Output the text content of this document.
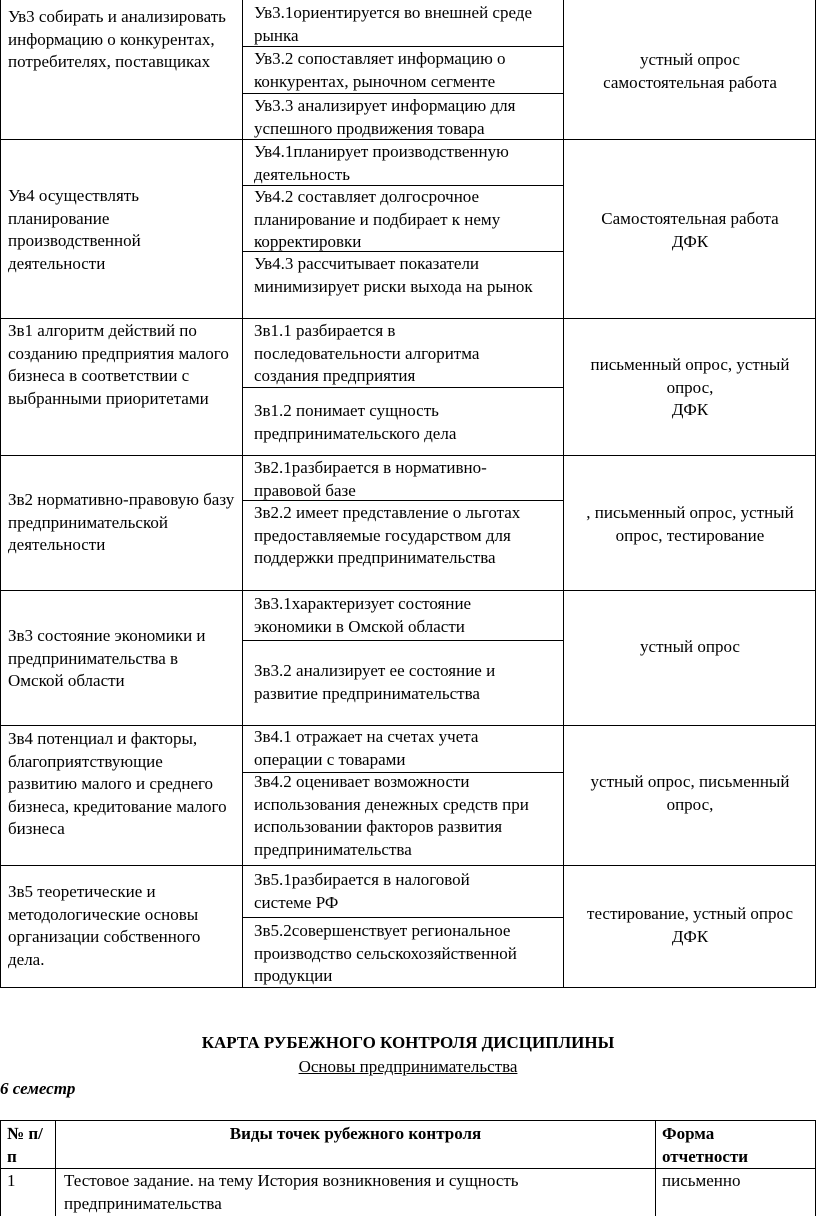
Ув3 собирать и анализировать информацию о конкурентах, потребителях, поставщиках
Ув3.1ориентируется во внешней среде рынка
Ув3.2 сопоставляет информацию о конкурентах, рыночном сегменте
Ув3.3 анализирует информацию для успешного продвижения товара
устный опрос
самостоятельная работа
Ув4 осуществлять планирование производственной деятельности
Ув4.1планирует производственную деятельность
Ув4.2 составляет долгосрочное планирование и подбирает к нему корректировки
Ув4.3 рассчитывает показатели минимизирует риски выхода на рынок
Самостоятельная работа
ДФК
Зв1 алгоритм действий по созданию предприятия малого бизнеса в соответствии с выбранными приоритетами
Зв1.1 разбирается в последовательности алгоритма создания предприятия
Зв1.2 понимает сущность предпринимательского дела
письменный опрос, устный опрос,
ДФК
Зв2 нормативно-правовую базу предпринимательской деятельности
Зв2.1разбирается в нормативно-правовой базе
Зв2.2 имеет представление о льготах предоставляемые государством для поддержки предпринимательства
, письменный опрос, устный опрос, тестирование
Зв3 состояние экономики и предпринимательства в Омской области
Зв3.1характеризует состояние экономики в Омской области
Зв3.2 анализирует ее состояние и развитие предпринимательства
устный опрос
Зв4 потенциал и факторы, благоприятствующие развитию малого и среднего бизнеса, кредитование малого бизнеса
Зв4.1 отражает на счетах учета операции с товарами
Зв4.2 оценивает возможности использования денежных средств при использовании факторов развития предпринимательства
устный опрос, письменный опрос,
Зв5 теоретические и методологические основы организации собственного дела.
Зв5.1разбирается в налоговой системе РФ
Зв5.2совершенствует региональное производство сельскохозяйственной продукции
тестирование, устный опрос
ДФК
КАРТА РУБЕЖНОГО КОНТРОЛЯ ДИСЦИПЛИНЫ
Основы предпринимательства
6 семестр
№ п/п
Виды точек рубежного контроля	Форма отчетности
1	Тестовое задание. на тему История возникновения и сущность предпринимательства
письменно
